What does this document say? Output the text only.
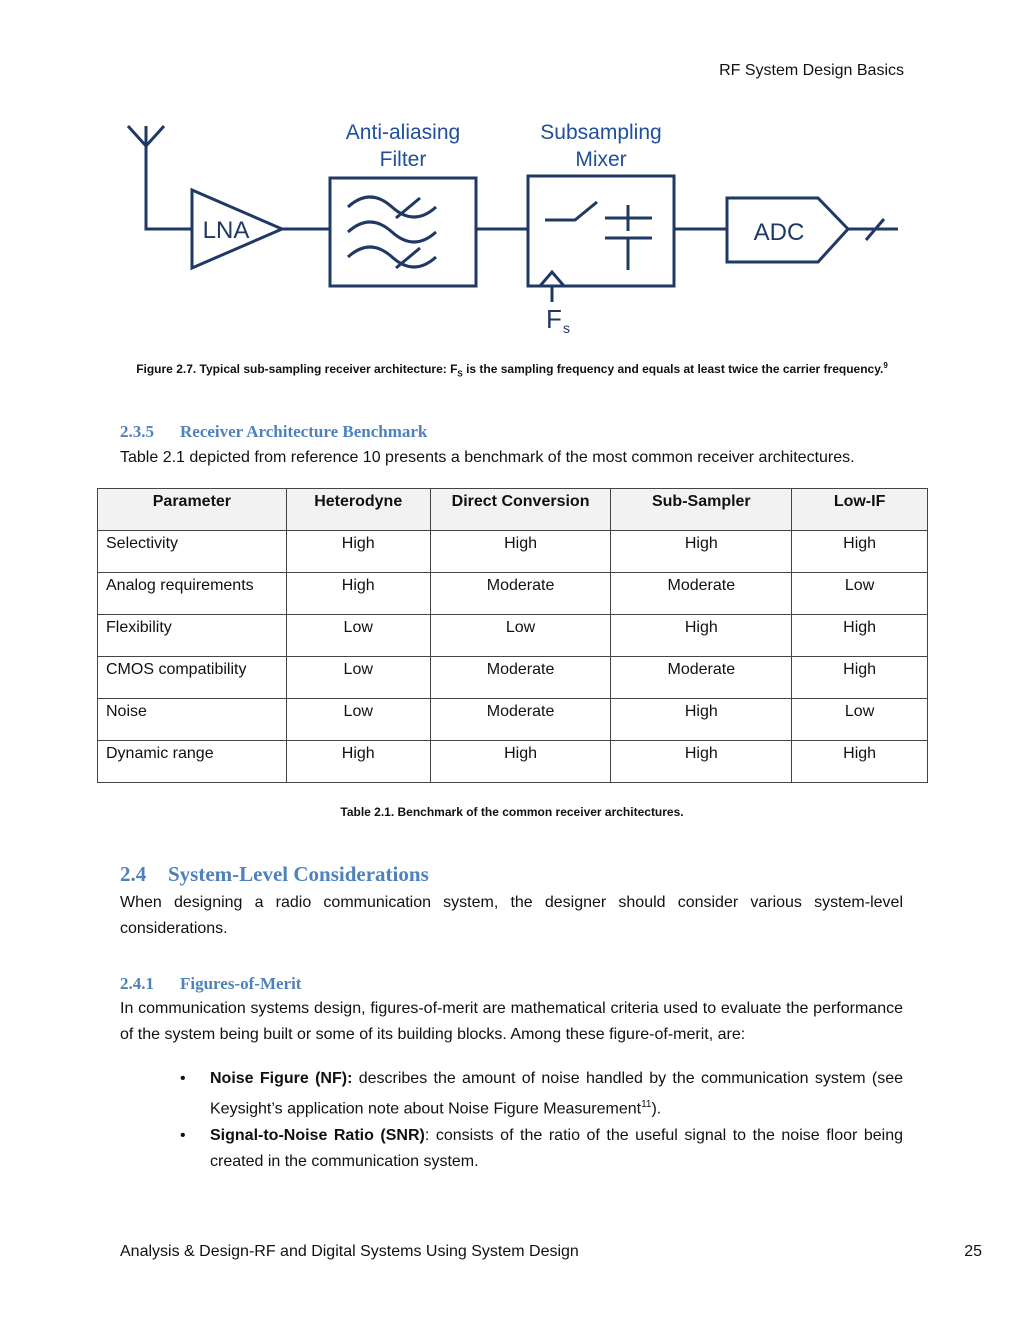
RF System Design Basics
Anti-aliasing
Filter
Subsampling
Mixer
LNA	ADC
F s
Figure 2.7. Typical sub-sampling receiver architecture: $F_S$ is the sampling frequency and equals at least twice the carrier frequency.$^9$
2.3.5 Receiver Architecture Benchmark
Table 2.1 depicted from reference 10 presents a benchmark of the most common receiver architectures.
Parameter	Heterodyne	Direct Conversion	Sub-Sampler	Low-IF
Selectivity	High	High	High	High
Analog requirements	High	Moderate	Moderate	Low
Flexibility	Low	Low	High	High
CMOS compatibility	Low	Moderate	Moderate	High
Noise	Low	Moderate	High	Low
Dynamic range	High	High	High	High
Table 2.1. Benchmark of the common receiver architectures.
2.4 System-Level Considerations
When designing a radio communication system, the designer should consider various system-level considerations.
2.4.1 Figures-of-Merit
In communication systems design, figures-of-merit are mathematical criteria used to evaluate the performance of the system being built or some of its building blocks. Among these figure-of-merit, are:
• Noise Figure (NF): describes the amount of noise handled by the communication system (see Keysight’s application note about Noise Figure Measurement$^{11}$).
• Signal-to-Noise Ratio (SNR): consists of the ratio of the useful signal to the noise floor being created in the communication system.
Analysis & Design-RF and Digital Systems Using System Design	25
